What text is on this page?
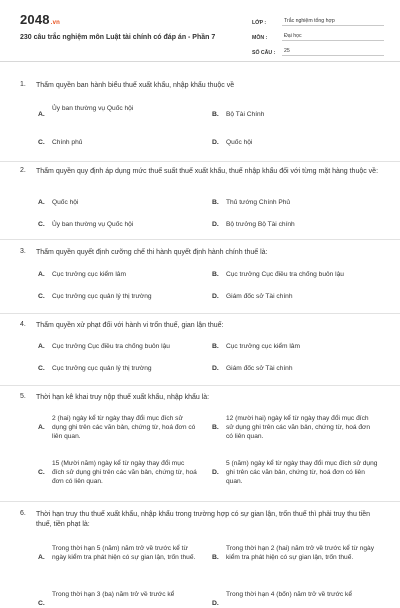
2048.vn
230 câu trắc nghiệm môn Luật tài chính có đáp án - Phần 7
LỚP :	Trắc nghiệm tổng hợp
MÔN :	Đại học
SỐ CÂU :	25
1. Thẩm quyền ban hành biểu thuế xuất khẩu, nhập khẩu thuộc về
A.
Ủy ban thường vụ Quốc hội
B. Bộ Tài Chính
C. Chính phủ	D. Quốc hội
2. Thẩm quyền quy định áp dụng mức thuế suất thuế xuất khẩu, thuế nhập khẩu đối với từng mặt hàng thuộc về:
A. Quốc hội	B. Thủ tướng Chính Phủ
C. Ủy ban thường vụ Quốc hội	D. Bộ trưởng Bộ Tài chính
3. Thẩm quyền quyết định cưỡng chế thi hành quyết định hành chính thuế là:
A. Cục trưởng cục kiểm lâm	B. Cục trưởng Cục điều tra chống buôn lậu
C. Cục trưởng cục quản lý thị trường	D. Giám đốc sở Tài chính
4. Thẩm quyền xử phạt đối với hành vi trốn thuế, gian lận thuế:
A. Cục trưởng Cục điều tra chống buôn lậu	B. Cục trưởng cục kiểm lâm
C. Cục trưởng cục quản lý thị trường	D. Giám đốc sở Tài chính
5. Thời hạn kê khai truy nộp thuế xuất khẩu, nhập khẩu là:
A.
2 (hai) ngày kể từ ngày thay đổi mục đích sử dụng ghi trên các văn bản, chứng từ, hoá đơn có liên quan.
B.
12 (mười hai) ngày kể từ ngày thay đổi mục đích sử dụng ghi trên các văn bản, chứng từ, hoá đơn có liên quan.
C.
15 (Mười năm) ngày kể từ ngày thay đổi mục đích sử dụng ghi trên các văn bản, chứng từ, hoá đơn có liên quan.
D.
5 (năm) ngày kể từ ngày thay đổi mục đích sử dụng ghi trên các văn bản, chứng từ, hoá đơn có liên quan.
6. Thời hạn truy thu thuế xuất khẩu, nhập khẩu trong trường hợp có sự gian lận, trốn thuế thì phải truy thu tiền thuế, tiền phạt là:
A.
Trong thời hạn 5 (năm) năm trở về trước kể từ ngày kiểm tra phát hiện có sự gian lận, trốn thuế. B.
Trong thời hạn 2 (hai) năm trở về trước kể từ ngày kiểm tra phát hiện có sự gian lận, trốn thuế.
C.
Trong thời hạn 3 (ba) năm trở về trước kể
D.
Trong thời hạn 4 (bốn) năm trở về trước kể
